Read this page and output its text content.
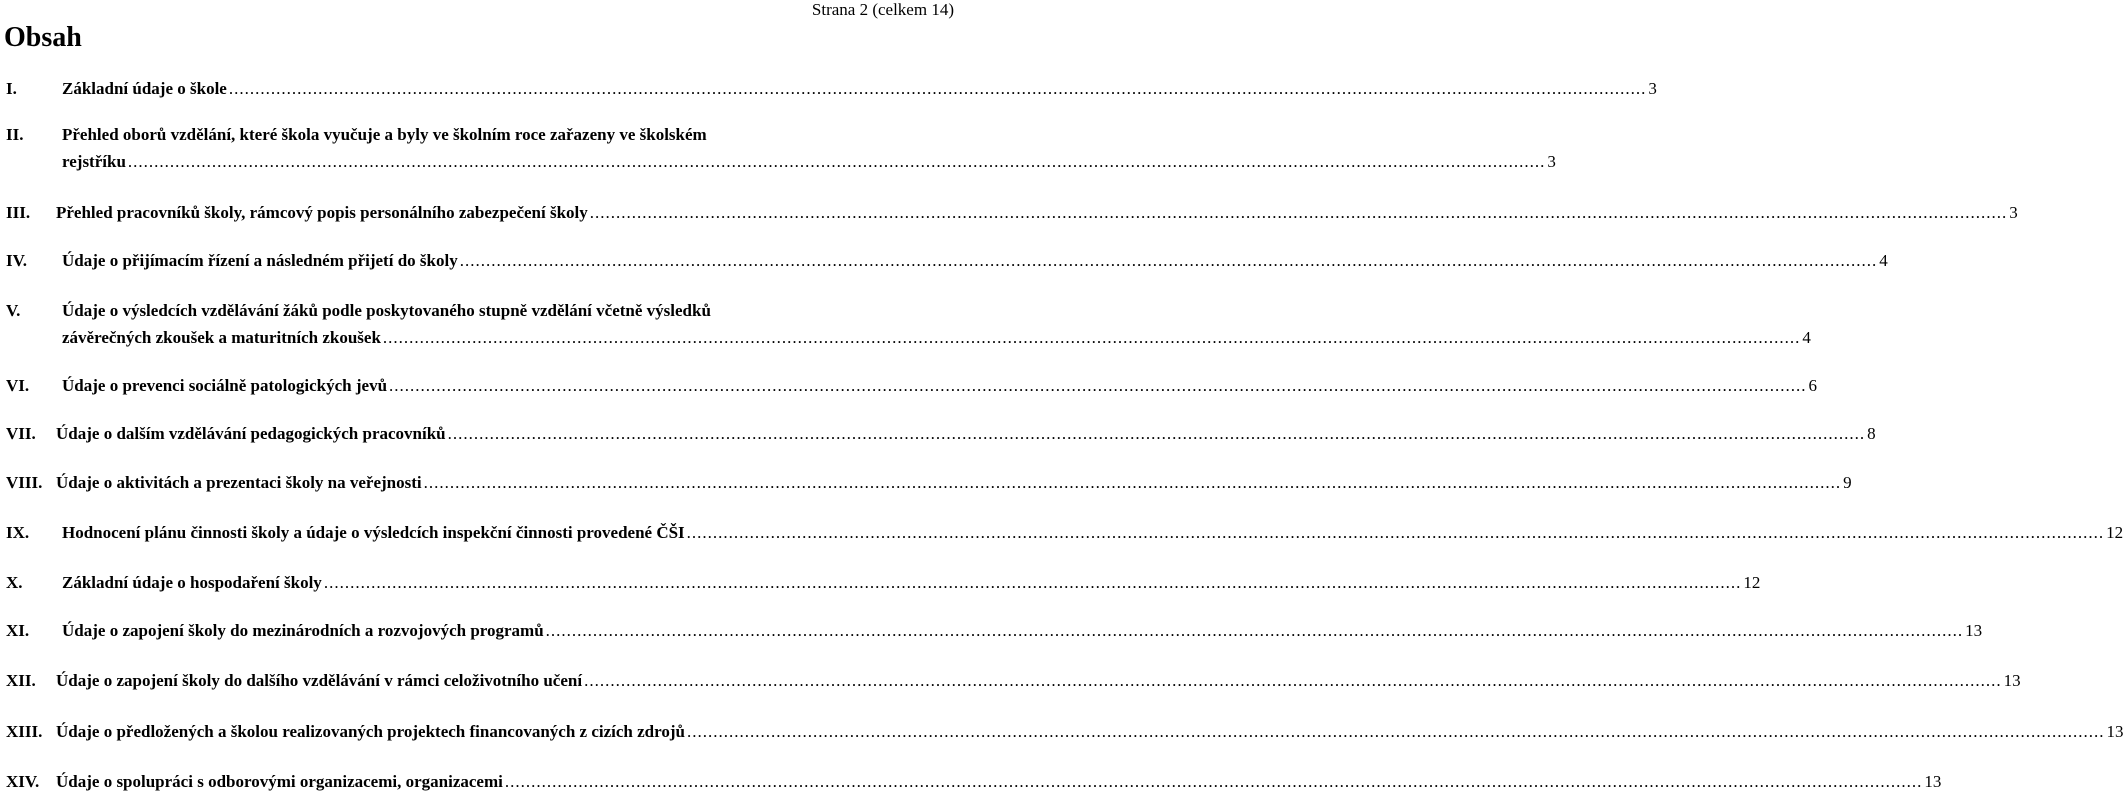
Strana 2 (celkem 14)
Obsah
I.	Základní údaje o škole .....	3
II.	Přehled oborů vzdělání, které škola vyučuje a byly ve školním roce zařazeny ve školském
rejstříku .....	3
III.	Přehled pracovníků školy, rámcový popis personálního zabezpečení školy .....	3
IV.	Údaje o přijímacím řízení a následném přijetí do školy .....	4
V.	Údaje o výsledcích vzdělávání žáků podle poskytovaného stupně vzdělání včetně výsledků
závěrečných zkoušek a maturitních zkoušek .....	4
VI.	Údaje o prevenci sociálně patologických jevů .....	6
VII.	Údaje o dalším vzdělávání pedagogických pracovníků .....	8
VIII. Údaje o aktivitách a prezentaci školy na veřejnosti .....	9
IX.	Hodnocení plánu činnosti školy a údaje o výsledcích inspekční činnosti provedené ČŠI .....	12
X.	Základní údaje o hospodaření školy .....	12
XI.	Údaje o zapojení školy do mezinárodních a rozvojových programů .....	13
XII.	Údaje o zapojení školy do dalšího vzdělávání v rámci celoživotního učení .....	13
XIII. Údaje o předložených a školou realizovaných projektech financovaných z cizích zdrojů .....	13
XIV. Údaje o spolupráci s odborovými organizacemi, organizacemi .....	13
